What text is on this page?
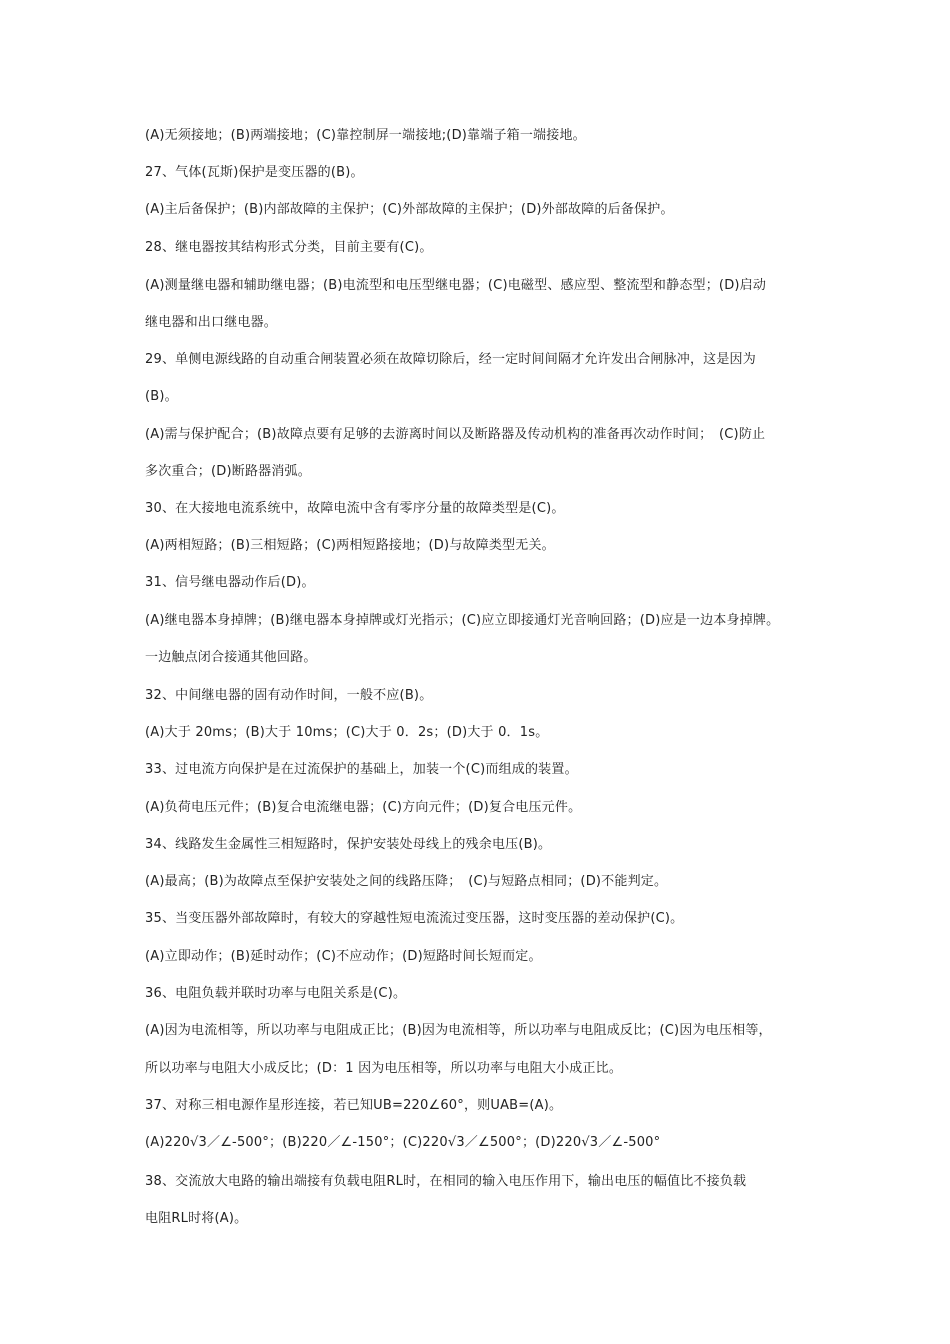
(A)无须接地；(B)两端接地；(C)靠控制屏一端接地;(D)靠端子箱一端接地。
27、气体(瓦斯)保护是变压器的(B)。
(A)主后备保护；(B)内部故障的主保护；(C)外部故障的主保护；(D)外部故障的后备保护。
28、继电器按其结构形式分类，目前主要有(C)。
(A)测量继电器和辅助继电器；(B)电流型和电压型继电器；(C)电磁型、感应型、整流型和静态型；(D)启动
继电器和出口继电器。
29、单侧电源线路的自动重合闸装置必须在故障切除后，经一定时间间隔才允许发出合闸脉冲，这是因为
(B)。
(A)需与保护配合；(B)故障点要有足够的去游离时间以及断路器及传动机构的准备再次动作时间；　(C)防止
多次重合；(D)断路器消弧。
30、在大接地电流系统中，故障电流中含有零序分量的故障类型是(C)。
(A)两相短路；(B)三相短路；(C)两相短路接地；(D)与故障类型无关。
31、信号继电器动作后(D)。
(A)继电器本身掉牌；(B)继电器本身掉牌或灯光指示；(C)应立即接通灯光音响回路；(D)应是一边本身掉牌。
一边触点闭合接通其他回路。
32、中间继电器的固有动作时间，一般不应(B)。
(A)大于 20ms；(B)大于 10ms；(C)大于 0．2s；(D)大于 0．1s。
33、过电流方向保护是在过流保护的基础上，加装一个(C)而组成的装置。
(A)负荷电压元件；(B)复合电流继电器；(C)方向元件；(D)复合电压元件。
34、线路发生金属性三相短路时，保护安装处母线上的残余电压(B)。
(A)最高；(B)为故障点至保护安装处之间的线路压降；　(C)与短路点相同；(D)不能判定。
35、当变压器外部故障时，有较大的穿越性短电流流过变压器，这时变压器的差动保护(C)。
(A)立即动作；(B)延时动作；(C)不应动作；(D)短路时间长短而定。
36、电阻负载并联时功率与电阻关系是(C)。
(A)因为电流相等，所以功率与电阻成正比；(B)因为电流相等，所以功率与电阻成反比；(C)因为电压相等，
所以功率与电阻大小成反比；(D：1 因为电压相等，所以功率与电阻大小成正比。
37、对称三相电源作星形连接，若已知UB=220∠60°，则UAB=(A)。
(A)220√3／∠-500°；(B)220／∠-150°；(C)220√3／∠500°；(D)220√3／∠-500°
38、交流放大电路的输出端接有负载电阻RL时，在相同的输入电压作用下，输出电压的幅值比不接负载
电阻RL时将(A)。
